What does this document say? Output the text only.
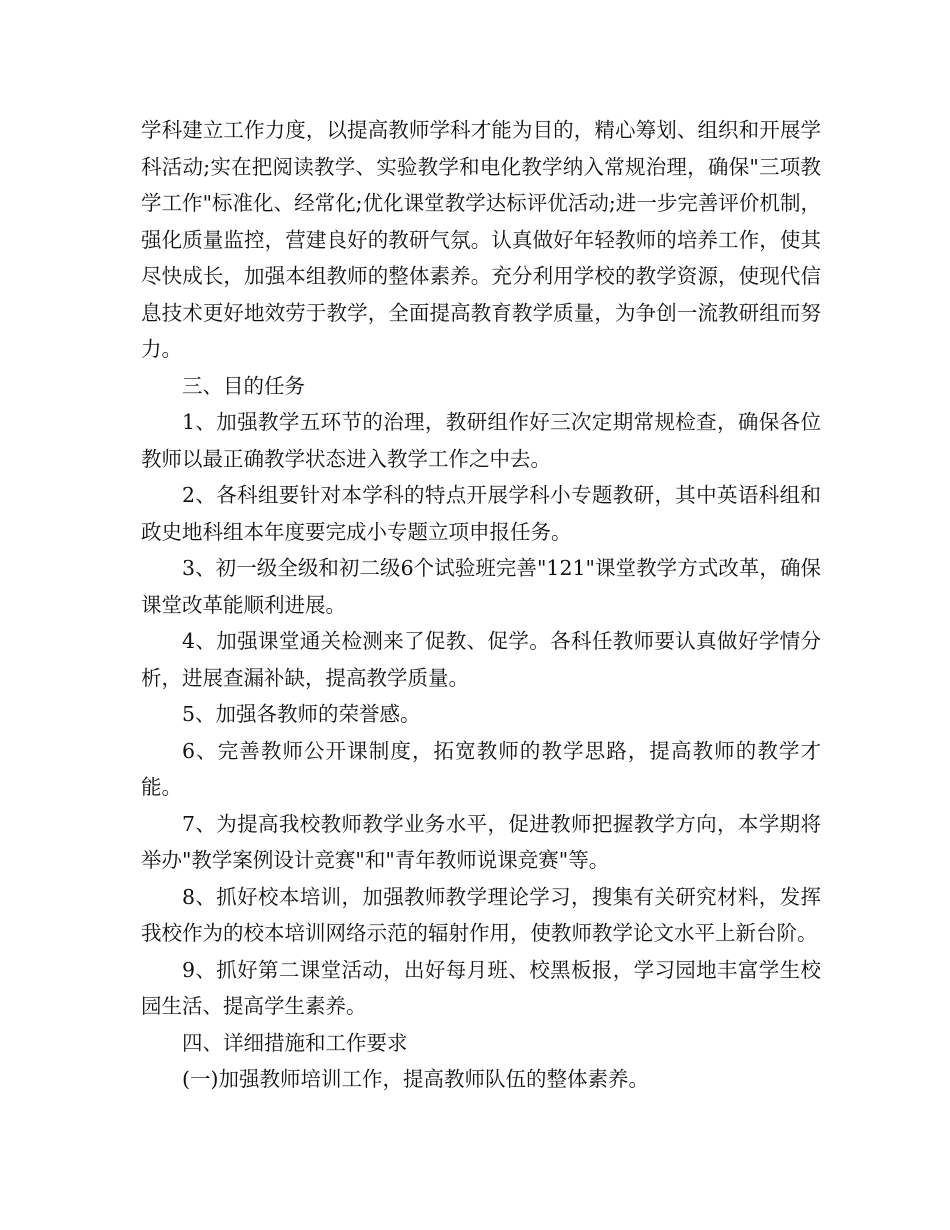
学科建立工作力度，以提高教师学科才能为目的，精心筹划、组织和开展学科活动;实在把阅读教学、实验教学和电化教学纳入常规治理，确保"三项教学工作"标准化、经常化;优化课堂教学达标评优活动;进一步完善评价机制，强化质量监控，营建良好的教研气氛。认真做好年轻教师的培养工作，使其尽快成长，加强本组教师的整体素养。充分利用学校的教学资源，使现代信息技术更好地效劳于教学，全面提高教育教学质量，为争创一流教研组而努力。

三、目的任务

1、加强教学五环节的治理，教研组作好三次定期常规检查，确保各位教师以最正确教学状态进入教学工作之中去。

2、各科组要针对本学科的特点开展学科小专题教研，其中英语科组和政史地科组本年度要完成小专题立项申报任务。

3、初一级全级和初二级6个试验班完善"121"课堂教学方式改革，确保课堂改革能顺利进展。

4、加强课堂通关检测来了促教、促学。各科任教师要认真做好学情分析，进展查漏补缺，提高教学质量。

5、加强各教师的荣誉感。

6、完善教师公开课制度，拓宽教师的教学思路，提高教师的教学才能。

7、为提高我校教师教学业务水平，促进教师把握教学方向，本学期将举办"教学案例设计竞赛"和"青年教师说课竞赛"等。

8、抓好校本培训，加强教师教学理论学习，搜集有关研究材料，发挥我校作为的校本培训网络示范的辐射作用，使教师教学论文水平上新台阶。

9、抓好第二课堂活动，出好每月班、校黑板报，学习园地丰富学生校园生活、提高学生素养。

四、详细措施和工作要求

(一)加强教师培训工作，提高教师队伍的整体素养。
